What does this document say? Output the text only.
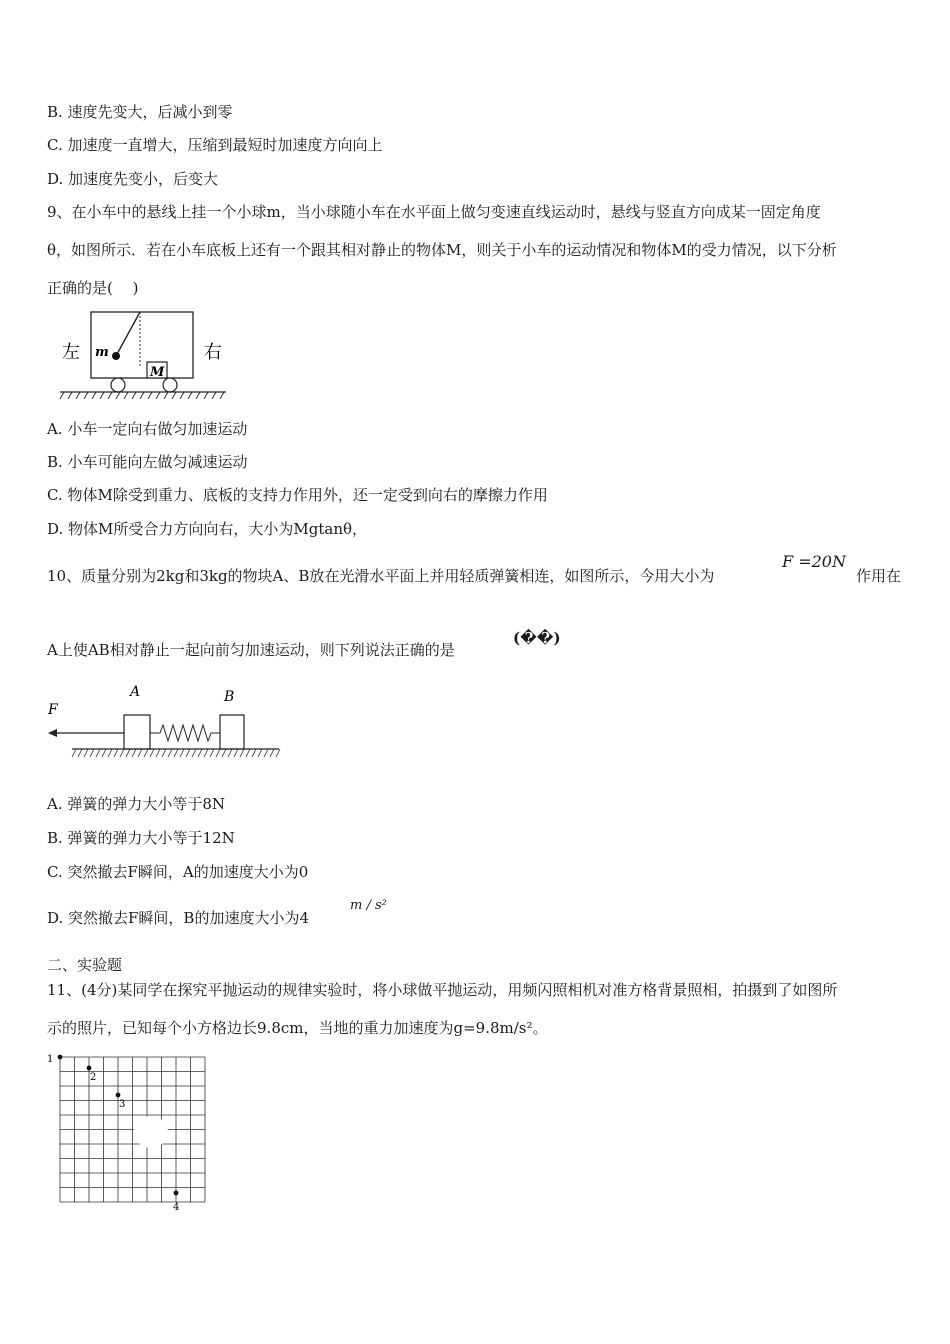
B. 速度先变大，后减小到零
C. 加速度一直增大，压缩到最短时加速度方向向上
D. 加速度先变小，后变大
9、在小车中的悬线上挂一个小球m，当小球随小车在水平面上做匀变速直线运动时，悬线与竖直方向成某一固定角度
θ，如图所示．若在小车底板上还有一个跟其相对静止的物体M，则关于小车的运动情况和物体M的受力情况，以下分析
正确的是(　 )
左	右
m
M
A. 小车一定向右做匀加速运动
B. 小车可能向左做匀减速运动
C. 物体M除受到重力、底板的支持力作用外，还一定受到向右的摩擦力作用
D. 物体M所受合力方向向右，大小为Mgtanθ，
10、质量分别为2kg和3kg的物块A、B放在光滑水平面上并用轻质弹簧相连，如图所示，今用大小为
F =20N
作用在
A上使AB相对静止一起向前匀加速运动，则下列说法正确的是
(��)
F
A	B
A. 弹簧的弹力大小等于8N
B. 弹簧的弹力大小等于12N
C. 突然撤去F瞬间，A的加速度大小为0
D. 突然撤去F瞬间，B的加速度大小为4
m / s²
二、实验题
11、(4分)某同学在探究平抛运动的规律实验时，将小球做平抛运动，用频闪照相机对准方格背景照相，拍摄到了如图所
示的照片，已知每个小方格边长9.8cm，当地的重力加速度为g=9.8m/s²。
1
2
3
4
